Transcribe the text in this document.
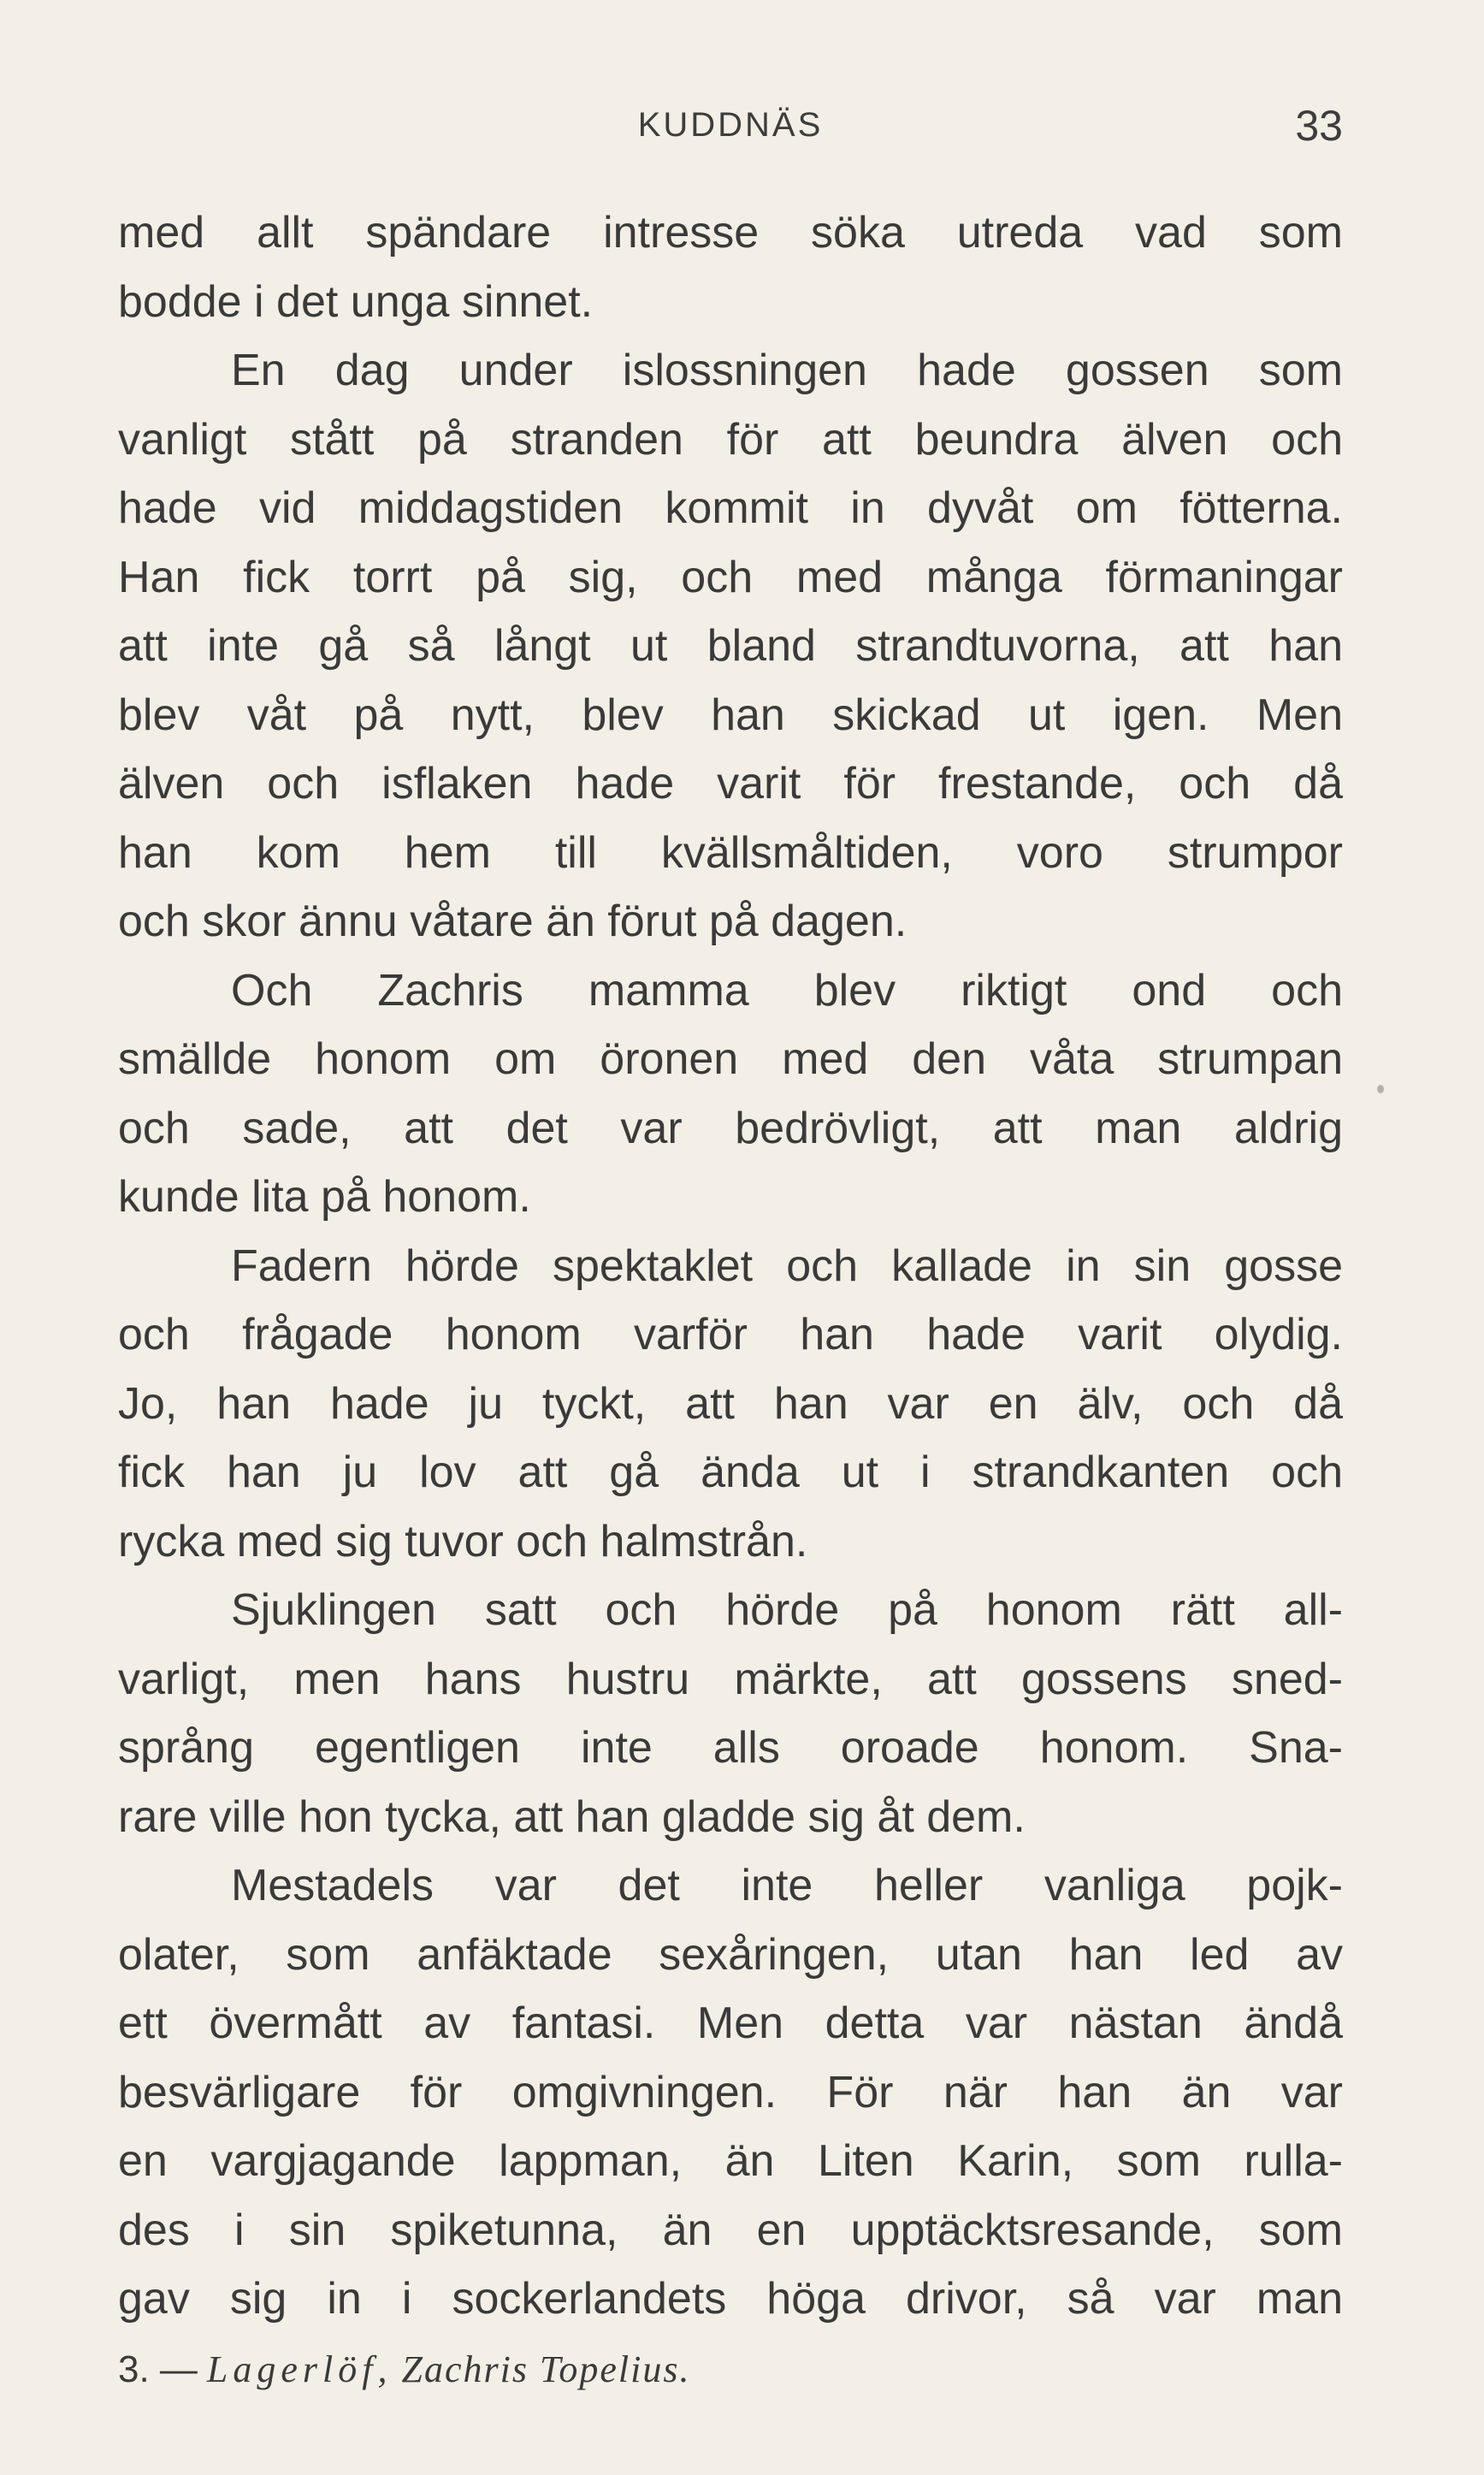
KUDDNÄS	33
med allt spändare intresse söka utreda vad som
bodde i det unga sinnet.
En dag under islossningen hade gossen som
vanligt stått på stranden för att beundra älven och
hade vid middagstiden kommit in dyvåt om fötterna.
Han fick torrt på sig, och med många förmaningar
att inte gå så långt ut bland strandtuvorna, att han
blev våt på nytt, blev han skickad ut igen. Men
älven och isflaken hade varit för frestande, och då
han kom hem till kvällsmåltiden, voro strumpor
och skor ännu våtare än förut på dagen.
Och Zachris mamma blev riktigt ond och
smällde honom om öronen med den våta strumpan
och sade, att det var bedrövligt, att man aldrig
kunde lita på honom.
Fadern hörde spektaklet och kallade in sin gosse
och frågade honom varför han hade varit olydig.
Jo, han hade ju tyckt, att han var en älv, och då
fick han ju lov att gå ända ut i strandkanten och
rycka med sig tuvor och halmstrån.
Sjuklingen satt och hörde på honom rätt all-
varligt, men hans hustru märkte, att gossens sned-
språng egentligen inte alls oroade honom. Sna-
rare ville hon tycka, att han gladde sig åt dem.
Mestadels var det inte heller vanliga pojk-
olater, som anfäktade sexåringen, utan han led av
ett övermått av fantasi. Men detta var nästan ändå
besvärligare för omgivningen. För när han än var
en vargjagande lappman, än Liten Karin, som rulla-
des i sin spiketunna, än en upptäcktsresande, som
gav sig in i sockerlandets höga drivor, så var man
3. — Lagerlöf, Zachris Topelius.
